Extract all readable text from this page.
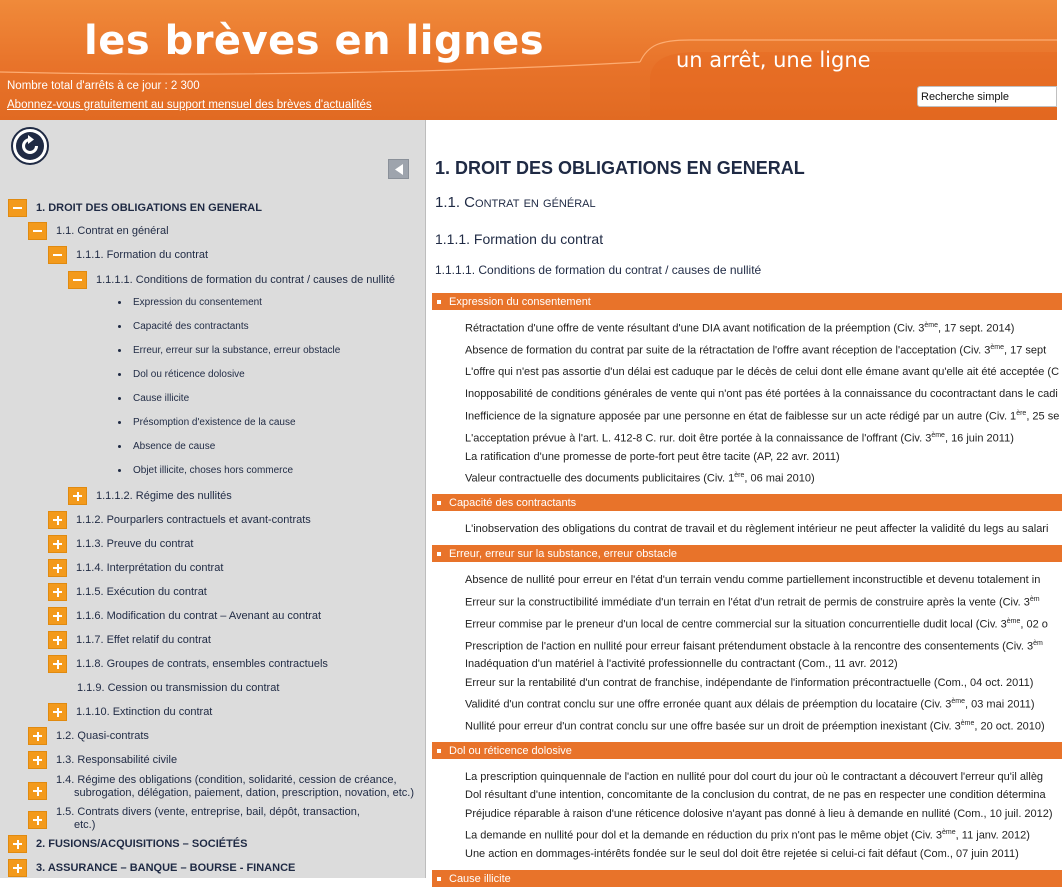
les brèves en lignes	un arrêt, une ligne
Nombre total d'arrêts à ce jour : 2 300
Abonnez-vous gratuitement au support mensuel des brèves d'actualités
Recherche simple
1. DROIT DES OBLIGATIONS EN GENERAL
1.1. Contrat en général
1.1.1. Formation du contrat
1.1.1.1. Conditions de formation du contrat / causes de nullité
Expression du consentement
Capacité des contractants
Erreur, erreur sur la substance, erreur obstacle
Dol ou réticence dolosive
Cause illicite
Présomption d'existence de la cause
Absence de cause
Objet illicite, choses hors commerce
1.1.1.2. Régime des nullités
1.1.2. Pourparlers contractuels et avant-contrats
1.1.3. Preuve du contrat
1.1.4. Interprétation du contrat
1.1.5. Exécution du contrat
1.1.6. Modification du contrat – Avenant au contrat
1.1.7. Effet relatif du contrat
1.1.8. Groupes de contrats, ensembles contractuels
1.1.9. Cession ou transmission du contrat
1.1.10. Extinction du contrat
1.2. Quasi-contrats
1.3. Responsabilité civile
1.4. Régime des obligations (condition, solidarité, cession de créance,
subrogation, délégation, paiement, dation, prescription, novation, etc.)
1.5. Contrats divers (vente, entreprise, bail, dépôt, transaction,
etc.)
2. FUSIONS/ACQUISITIONS – SOCIÉTÉS
3. ASSURANCE – BANQUE – BOURSE - FINANCE
1. DROIT DES OBLIGATIONS EN GENERAL
1.1. Contrat en général
1.1.1. Formation du contrat
1.1.1.1. Conditions de formation du contrat / causes de nullité
Expression du consentement
Rétractation d'une offre de vente résultant d'une DIA avant notification de la préemption (Civ. 3ème, 17 sept. 2014)
Absence de formation du contrat par suite de la rétractation de l'offre avant réception de l'acceptation (Civ. 3ème, 17 sept
L'offre qui n'est pas assortie d'un délai est caduque par le décès de celui dont elle émane avant qu'elle ait été acceptée (C
Inopposabilité de conditions générales de vente qui n'ont pas été portées à la connaissance du cocontractant dans le cadi
Inefficience de la signature apposée par une personne en état de faiblesse sur un acte rédigé par un autre (Civ. 1ère, 25 se
L'acceptation prévue à l'art. L. 412-8 C. rur. doit être portée à la connaissance de l'offrant (Civ. 3ème, 16 juin 2011)
La ratification d'une promesse de porte-fort peut être tacite (AP, 22 avr. 2011)
Valeur contractuelle des documents publicitaires (Civ. 1ère, 06 mai 2010)
Capacité des contractants
L'inobservation des obligations du contrat de travail et du règlement intérieur ne peut affecter la validité du legs au salari
Erreur, erreur sur la substance, erreur obstacle
Absence de nullité pour erreur en l'état d'un terrain vendu comme partiellement inconstructible et devenu totalement in
Erreur sur la constructibilité immédiate d'un terrain en l'état d'un retrait de permis de construire après la vente (Civ. $3^{èm}$
Erreur commise par le preneur d'un local de centre commercial sur la situation concurrentielle dudit local (Civ. 3ème, 02 o
Prescription de l'action en nullité pour erreur faisant prétendument obstacle à la rencontre des consentements (Civ. $3^{èm}$
Inadéquation d'un matériel à l'activité professionnelle du contractant (Com., 11 avr. 2012)
Erreur sur la rentabilité d'un contrat de franchise, indépendante de l'information précontractuelle (Com., 04 oct. 2011)
Validité d'un contrat conclu sur une offre erronée quant aux délais de préemption du locataire (Civ. 3ème, 03 mai 2011)
Nullité pour erreur d'un contrat conclu sur une offre basée sur un droit de préemption inexistant (Civ. 3ème, 20 oct. 2010)
Dol ou réticence dolosive
La prescription quinquennale de l'action en nullité pour dol court du jour où le contractant a découvert l'erreur qu'il allèg
Dol résultant d'une intention, concomitante de la conclusion du contrat, de ne pas en respecter une condition détermina
Préjudice réparable à raison d'une réticence dolosive n'ayant pas donné à lieu à demande en nullité (Com., 10 juil. 2012)
La demande en nullité pour dol et la demande en réduction du prix n'ont pas le même objet (Civ. 3ème, 11 janv. 2012)
Une action en dommages-intérêts fondée sur le seul dol doit être rejetée si celui-ci fait défaut (Com., 07 juin 2011)
Cause illicite
